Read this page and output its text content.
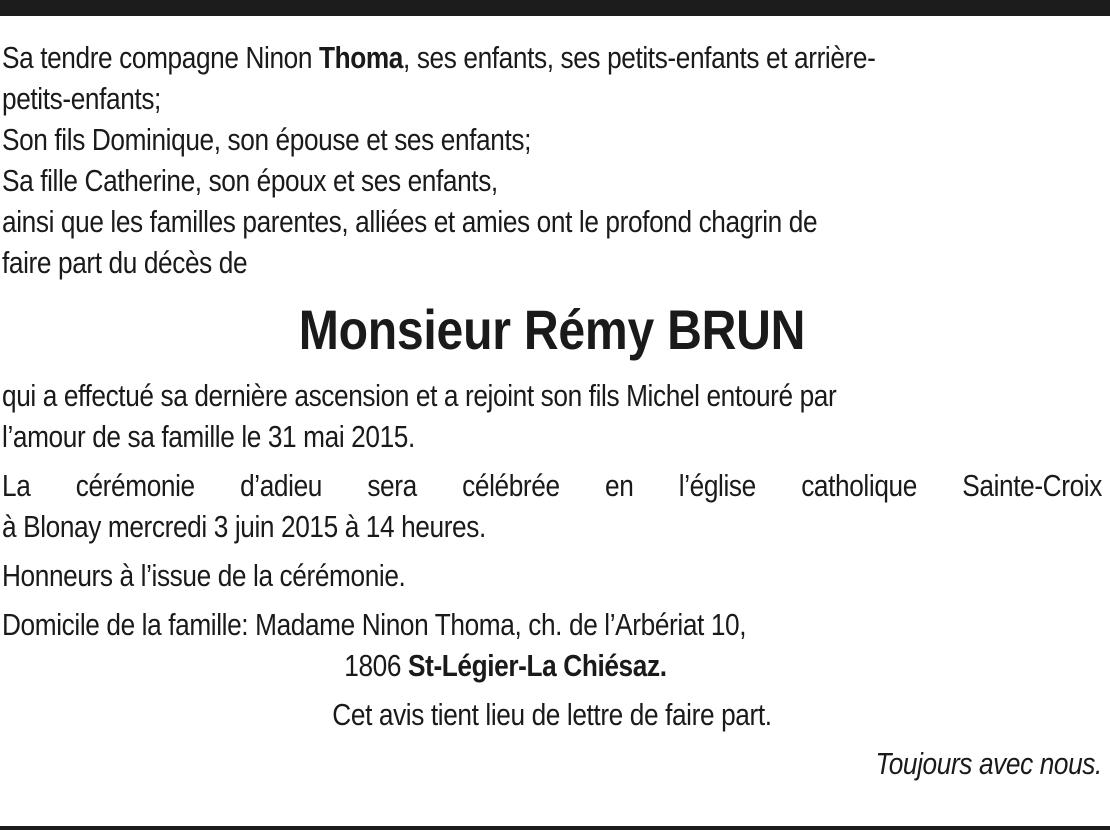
Sa tendre compagne Ninon Thoma, ses enfants, ses petits-enfants et arrière-
petits-enfants;
Son fils Dominique, son épouse et ses enfants;
Sa fille Catherine, son époux et ses enfants,
ainsi que les familles parentes, alliées et amies ont le profond chagrin de
faire part du décès de
Monsieur Rémy BRUN
qui a effectué sa dernière ascension et a rejoint son fils Michel entouré par
l’amour de sa famille le 31 mai 2015.
La cérémonie d’adieu sera célébrée en l’église catholique Sainte-Croix
à Blonay mercredi 3 juin 2015 à 14 heures.
Honneurs à l’issue de la cérémonie.
Domicile de la famille: Madame Ninon Thoma, ch. de l’Arbériat 10,
1806 St-Légier-La Chiésaz.
Cet avis tient lieu de lettre de faire part.
Toujours avec nous.
